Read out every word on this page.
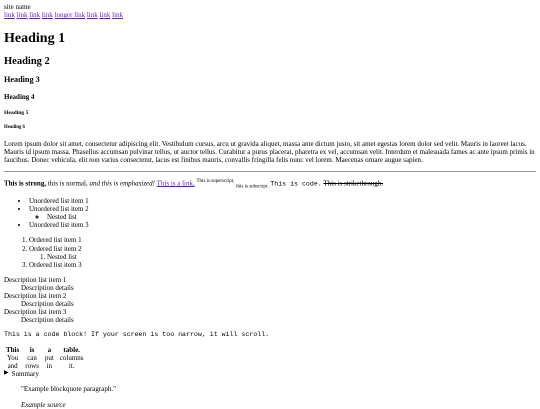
site name
link link link link longer link link link link
Heading 1
Heading 2
Heading 3
Heading 4
Heading 5
Heading 6

Lorem ipsum dolor sit amet, consectetur adipiscing elit. Vestibulum cursus, arcu ut gravida aliquet, massa ante dictum justo, sit amet egestas lorem dolor sed velit. Mauris in laoreet lacus. Mauris id ipsum massa. Phasellus accumsan pulvinar tellus, ut auctor tellus. Curabitur a purus placerat, pharetra ex vel, accumsan velit. Interdum et malesuada fames ac ante ipsum primis in faucibus. Donec vehicula, elit non varius consectetur, lacus est finibus mauris, convallis fringilla felis nunc vel lorem. Maecenas ornare augue sapien.

This is strong, this is normal, and this is emphasized! This is a link. $^{This is superscript,}$ $_{this is subscript.}$ This is code. This is strikethrough.

• Unordered list item 1
• Unordered list item 2
◦ Nested list
• Unordered list item 3
1. Ordered list item 1
2. Ordered list item 2
1. Nested list
3. Ordered list item 3
Description list item 1
Description details
Description list item 2
Description details
Description list item 3
Description details
This is a code block! If your screen is too narrow, it will scroll.
This	is	a	table.
You	can	put	columns
and	rows	in	it.
▶ Summary
"Example blockquote paragraph."
Example source
